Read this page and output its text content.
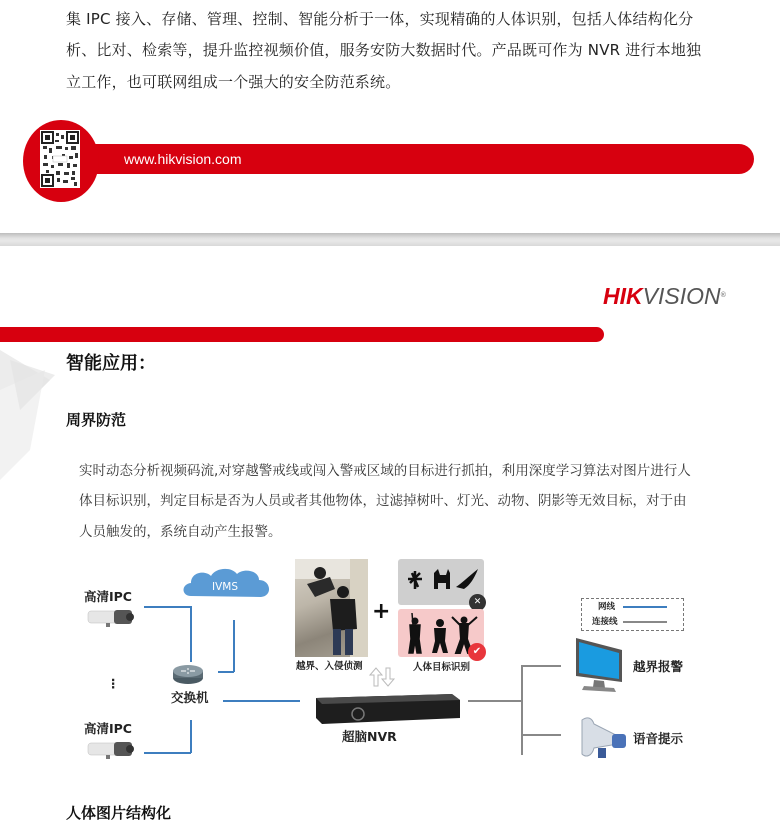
集 IPC 接入、存储、管理、控制、智能分析于一体，实现精确的人体识别，包括人体结构化分
析、比对、检索等，提升监控视频价值，服务安防大数据时代。产品既可作为 NVR 进行本地独
立工作，也可联网组成一个强大的安全防范系统。
www.hikvision.com
HIKVISION®
智能应用：
周界防范
实时动态分析视频码流,对穿越警戒线或闯入警戒区域的目标进行抓拍，利用深度学习算法对图片进行人
体目标识别，判定目标是否为人员或者其他物体，过滤掉树叶、灯光、动物、阴影等无效目标，对于由
人员触发的，系统自动产生报警。
高清IPC
⋮
高清IPC
IVMS
交换机
越界、入侵侦测
+	✕
✔
人体目标识别
超脑NVR
网线
连接线
越界报警
语音提示
人体图片结构化
